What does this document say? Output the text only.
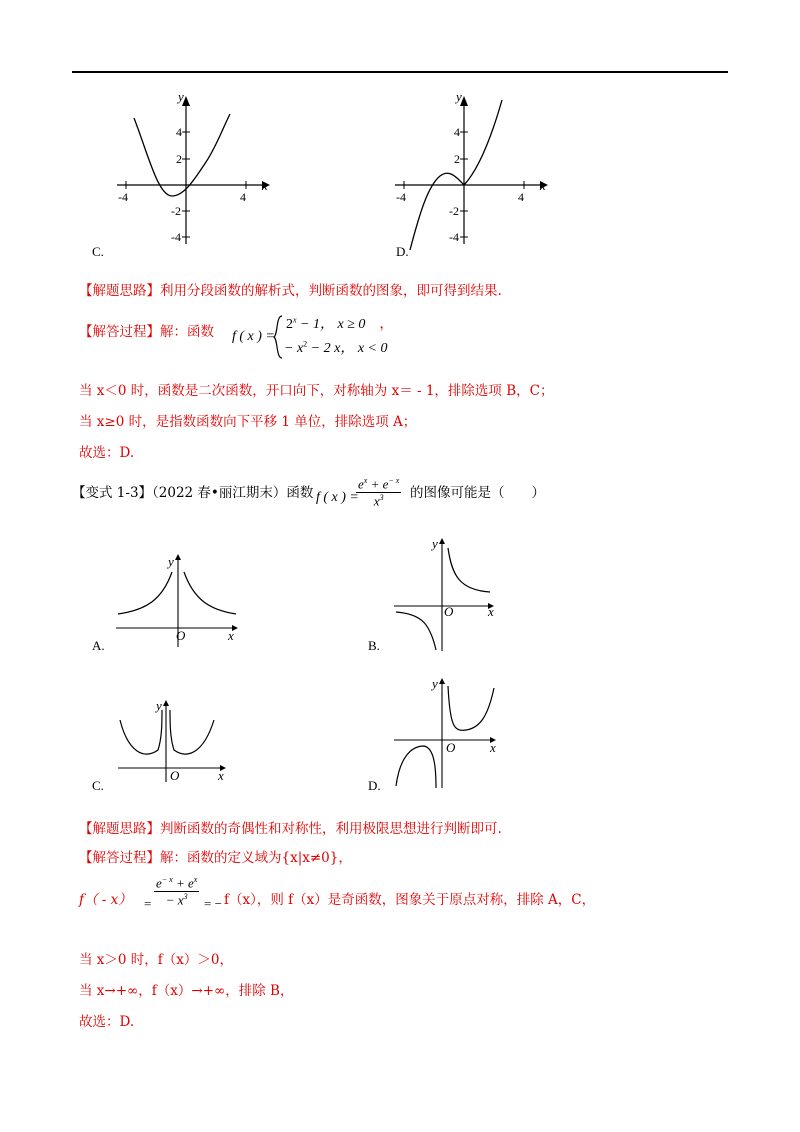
y
x
4
2
-2
-4
-4	4
C.
y
x
4
2
-2
-4
-4	4
D.
【解题思路】利用分段函数的解析式，判断函数的图象，即可得到结果.
【解答过程】解：函数 f ( x ) =
$2^x - 1$， x ≥ 0 ，
− $x^2 - 2$ x， x < 0
当 x＜0 时，函数是二次函数，开口向下，对称轴为 x＝ - 1，排除选项 B，C；
当 x≥0 时，是指数函数向下平移 1 单位，排除选项 A；
故选：D.
【变式 1-3】（2022 春•丽江期末）函数 f ( x ) =
$\frac{e^x + e^{- x}}{x^3}$ 的图像可能是（　　）
y
x
O
A.
y
x
O
B.
y
x
O
C.
y
x
O
D.
【解题思路】判断函数的奇偶性和对称性，利用极限思想进行判断即可.
【解答过程】解：函数的定义域为{x|x≠0}，
$f( - x) = \frac{e^{- x} + e^x}{- x^3}$ = − f（x），则 f（x）是奇函数，图象关于原点对称，排除 A，C，
当 x＞0 时，f（x）＞0，
当 x→+∞，f（x）→+∞，排除 B，
故选：D.
